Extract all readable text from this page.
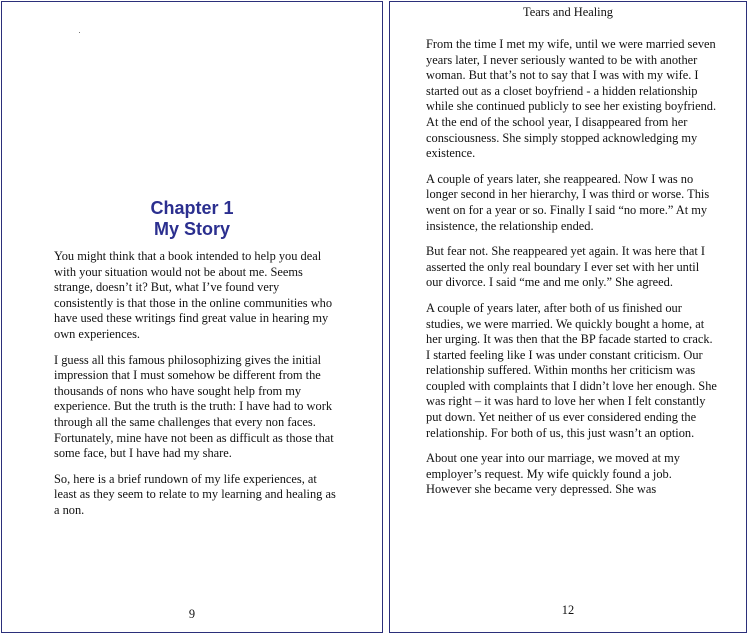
Chapter 1
My Story

You might think that a book intended to help you deal with your situation would not be about me. Seems strange, doesn’t it? But, what I’ve found very consistently is that those in the online communities who have used these writings find great value in hearing my own experiences.

I guess all this famous philosophizing gives the initial impression that I must somehow be different from the thousands of nons who have sought help from my experience. But the truth is the truth: I have had to work through all the same challenges that every non faces. Fortunately, mine have not been as difficult as those that some face, but I have had my share.

So, here is a brief rundown of my life experiences, at least as they seem to relate to my learning and healing as a non.

9
Tears and Healing

From the time I met my wife, until we were married seven years later, I never seriously wanted to be with another woman. But that’s not to say that I was with my wife. I started out as a closet boyfriend - a hidden relationship while she continued publicly to see her existing boyfriend. At the end of the school year, I disappeared from her consciousness. She simply stopped acknowledging my existence.

A couple of years later, she reappeared. Now I was no longer second in her hierarchy, I was third or worse. This went on for a year or so. Finally I said “no more.” At my insistence, the relationship ended.

But fear not. She reappeared yet again. It was here that I asserted the only real boundary I ever set with her until our divorce. I said “me and me only.” She agreed.

A couple of years later, after both of us finished our studies, we were married. We quickly bought a home, at her urging. It was then that the BP facade started to crack. I started feeling like I was under constant criticism. Our relationship suffered. Within months her criticism was coupled with complaints that I didn’t love her enough. She was right – it was hard to love her when I felt constantly put down. Yet neither of us ever considered ending the relationship. For both of us, this just wasn’t an option.

About one year into our marriage, we moved at my employer’s request. My wife quickly found a job. However she became very depressed. She was

12
